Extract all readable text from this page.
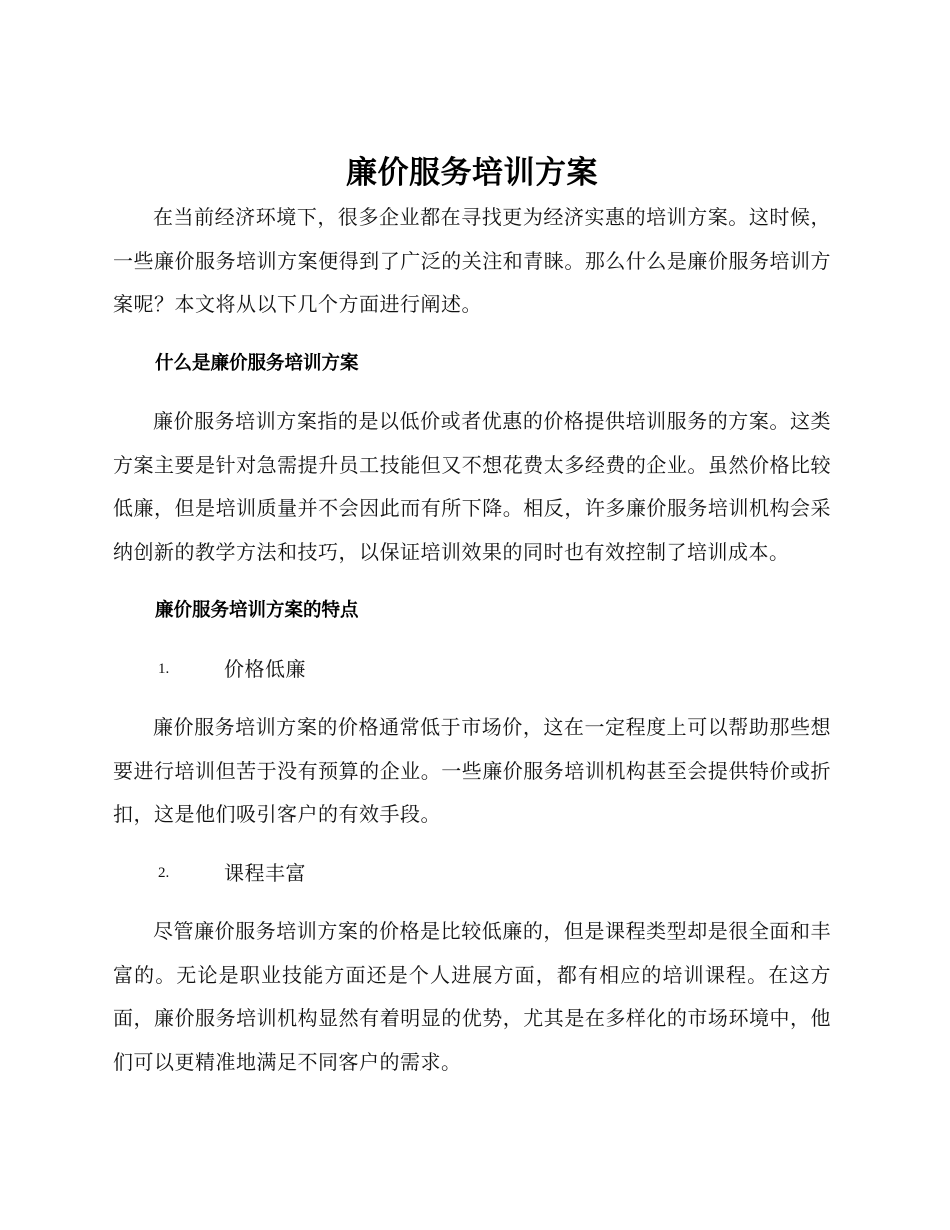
廉价服务培训方案

在当前经济环境下，很多企业都在寻找更为经济实惠的培训方案。这时候，一些廉价服务培训方案便得到了广泛的关注和青睐。那么什么是廉价服务培训方案呢？本文将从以下几个方面进行阐述。

什么是廉价服务培训方案

廉价服务培训方案指的是以低价或者优惠的价格提供培训服务的方案。这类方案主要是针对急需提升员工技能但又不想花费太多经费的企业。虽然价格比较低廉，但是培训质量并不会因此而有所下降。相反，许多廉价服务培训机构会采纳创新的教学方法和技巧，以保证培训效果的同时也有效控制了培训成本。

廉价服务培训方案的特点
1.	价格低廉

廉价服务培训方案的价格通常低于市场价，这在一定程度上可以帮助那些想要进行培训但苦于没有预算的企业。一些廉价服务培训机构甚至会提供特价或折扣，这是他们吸引客户的有效手段。

2.	课程丰富

尽管廉价服务培训方案的价格是比较低廉的，但是课程类型却是很全面和丰富的。无论是职业技能方面还是个人进展方面，都有相应的培训课程。在这方面，廉价服务培训机构显然有着明显的优势，尤其是在多样化的市场环境中，他们可以更精准地满足不同客户的需求。
